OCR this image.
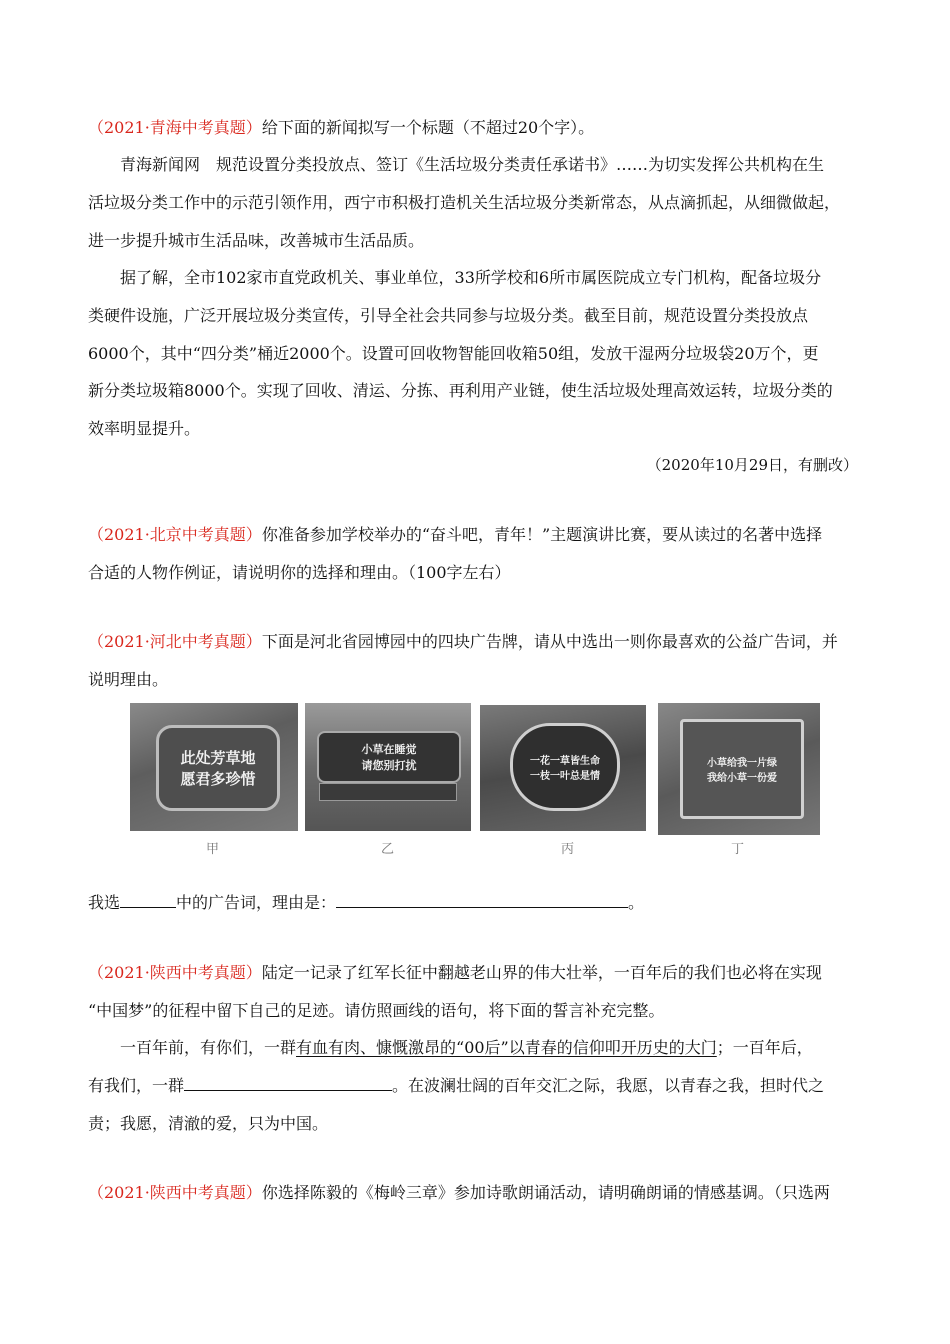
（2021·青海中考真题）给下面的新闻拟写一个标题（不超过20个字）。
青海新闻网　规范设置分类投放点、签订《生活垃圾分类责任承诺书》……为切实发挥公共机构在生
活垃圾分类工作中的示范引领作用，西宁市积极打造机关生活垃圾分类新常态，从点滴抓起，从细微做起，
进一步提升城市生活品味，改善城市生活品质。
据了解，全市102家市直党政机关、事业单位，33所学校和6所市属医院成立专门机构，配备垃圾分
类硬件设施，广泛开展垃圾分类宣传，引导全社会共同参与垃圾分类。截至目前，规范设置分类投放点
6000个，其中“四分类”桶近2000个。设置可回收物智能回收箱50组，发放干湿两分垃圾袋20万个，更
新分类垃圾箱8000个。实现了回收、清运、分拣、再利用产业链，使生活垃圾处理高效运转，垃圾分类的
效率明显提升。
（2020年10月29日，有删改）
（2021·北京中考真题）你准备参加学校举办的“奋斗吧，青年！”主题演讲比赛，要从读过的名著中选择
合适的人物作例证，请说明你的选择和理由。（100字左右）
（2021·河北中考真题）下面是河北省园博园中的四块广告牌，请从中选出一则你最喜欢的公益广告词，并
说明理由。
此处芳草地
愿君多珍惜
小草在睡觉
请您别打扰	一花一草皆生命
一枝一叶总是情
小草给我一片绿
我给小草一份爱
甲	乙	丙	丁
我选	中的广告词，理由是：	。
（2021·陕西中考真题）陆定一记录了红军长征中翻越老山界的伟大壮举，一百年后的我们也必将在实现
“中国梦”的征程中留下自己的足迹。请仿照画线的语句，将下面的誓言补充完整。
一百年前，有你们，一群有血有肉、慷慨激昂的“00后”以青春的信仰叩开历史的大门；一百年后，
有我们，一群	。在波澜壮阔的百年交汇之际，我愿，以青春之我，担时代之
责；我愿，清澈的爱，只为中国。
（2021·陕西中考真题）你选择陈毅的《梅岭三章》参加诗歌朗诵活动，请明确朗诵的情感基调。（只选两
